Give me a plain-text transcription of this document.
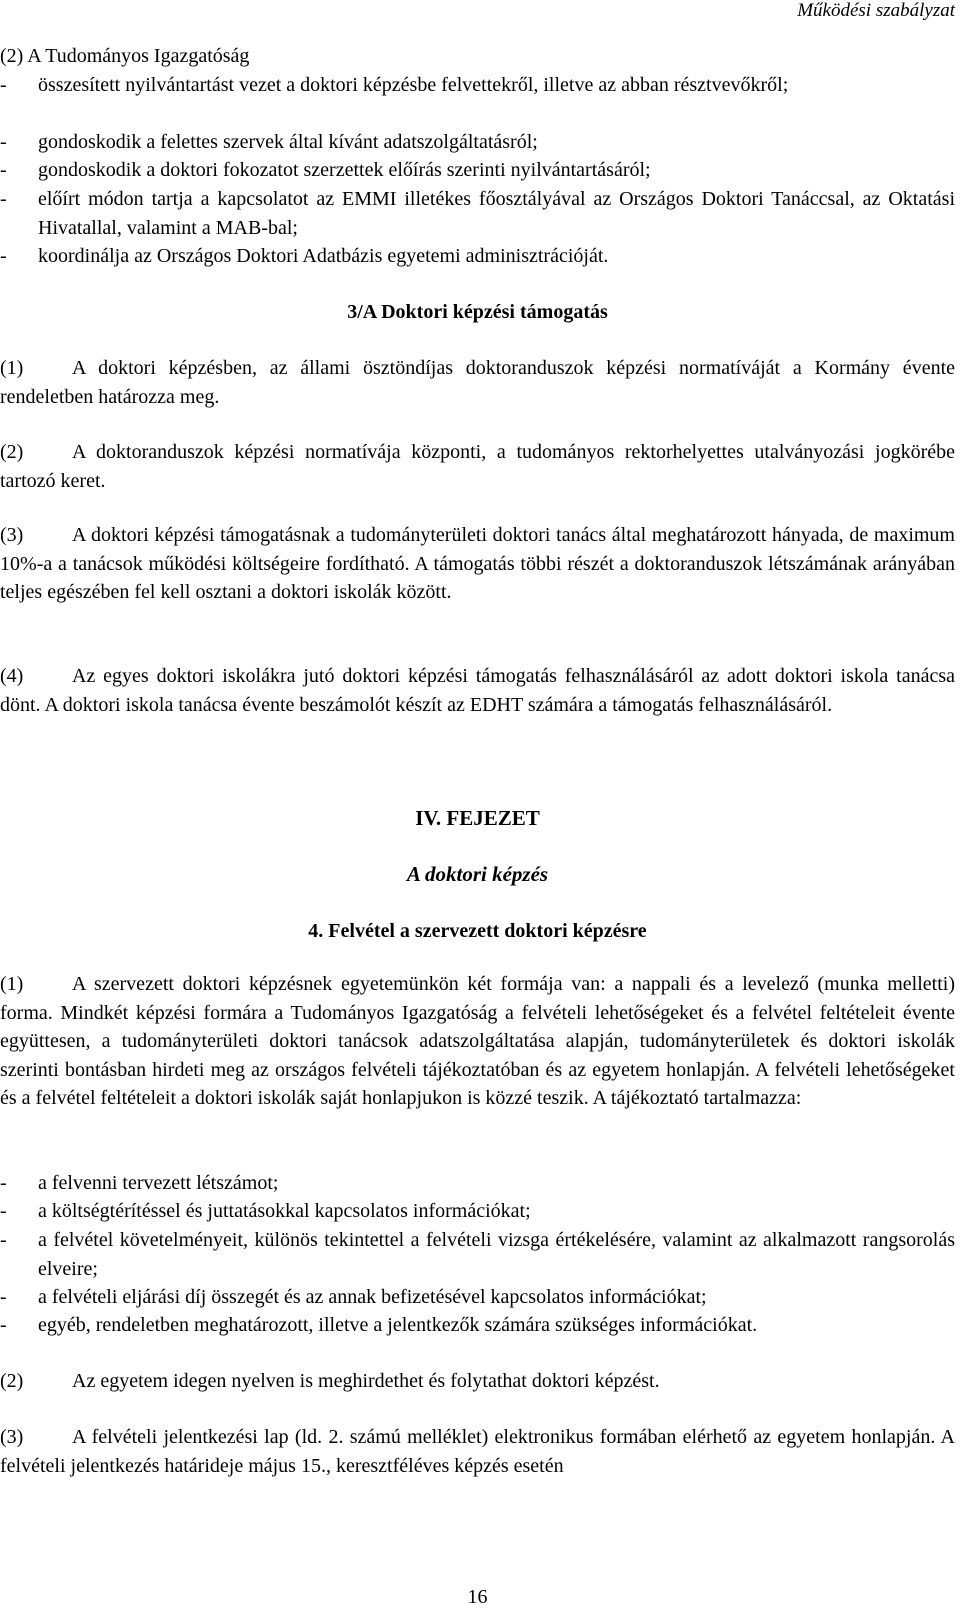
Működési szabályzat

(2) A Tudományos Igazgatóság

- összesített nyilvántartást vezet a doktori képzésbe felvettekről, illetve az abban résztvevőkről;
- gondoskodik a felettes szervek által kívánt adatszolgáltatásról;
- gondoskodik a doktori fokozatot szerzettek előírás szerinti nyilvántartásáról;
- előírt módon tartja a kapcsolatot az EMMI illetékes főosztályával az Országos Doktori Tanáccsal, az Oktatási Hivatallal, valamint a MAB-bal;
- koordinálja az Országos Doktori Adatbázis egyetemi adminisztrációját.

3/A Doktori képzési támogatás

(1) A doktori képzésben, az állami ösztöndíjas doktoranduszok képzési normatíváját a Kormány évente rendeletben határozza meg.

(2) A doktoranduszok képzési normatívája központi, a tudományos rektorhelyettes utalványozási jogkörébe tartozó keret.

(3) A doktori képzési támogatásnak a tudományterületi doktori tanács által meghatározott hányada, de maximum 10%-a a tanácsok működési költségeire fordítható. A támogatás többi részét a doktoranduszok létszámának arányában teljes egészében fel kell osztani a doktori iskolák között.

(4) Az egyes doktori iskolákra jutó doktori képzési támogatás felhasználásáról az adott doktori iskola tanácsa dönt. A doktori iskola tanácsa évente beszámolót készít az EDHT számára a támogatás felhasználásáról.

IV. FEJEZET

A doktori képzés

4. Felvétel a szervezett doktori képzésre

(1) A szervezett doktori képzésnek egyetemünkön két formája van: a nappali és a levelező (munka melletti) forma. Mindkét képzési formára a Tudományos Igazgatóság a felvételi lehetőségeket és a felvétel feltételeit évente együttesen, a tudományterületi doktori tanácsok adatszolgáltatása alapján, tudományterületek és doktori iskolák szerinti bontásban hirdeti meg az országos felvételi tájékoztatóban és az egyetem honlapján. A felvételi lehetőségeket és a felvétel feltételeit a doktori iskolák saját honlapjukon is közzé teszik. A tájékoztató tartalmazza:

- a felvenni tervezett létszámot;
- a költségtérítéssel és juttatásokkal kapcsolatos információkat;
- a felvétel követelményeit, különös tekintettel a felvételi vizsga értékelésére, valamint az alkalmazott rangsorolás elveire;
- a felvételi eljárási díj összegét és az annak befizetésével kapcsolatos információkat;
- egyéb, rendeletben meghatározott, illetve a jelentkezők számára szükséges információkat.

(2) Az egyetem idegen nyelven is meghirdethet és folytathat doktori képzést.

(3) A felvételi jelentkezési lap (ld. 2. számú melléklet) elektronikus formában elérhető az egyetem honlapján. A felvételi jelentkezés határideje május 15., keresztféléves képzés esetén

16
